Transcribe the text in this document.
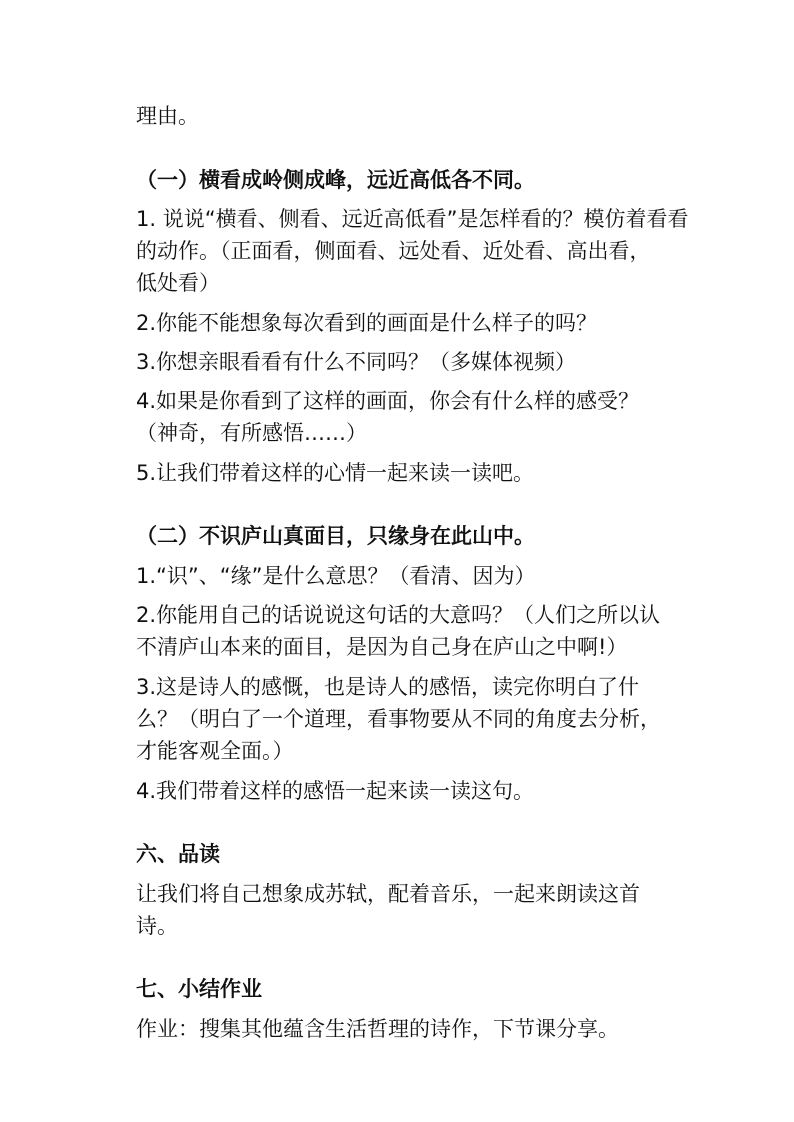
理由。
（一）横看成岭侧成峰，远近高低各不同。
1. 说说“横看、侧看、远近高低看”是怎样看的？模仿着看看
的动作。（正面看，侧面看、远处看、近处看、高出看，
低处看）
2.你能不能想象每次看到的画面是什么样子的吗？
3.你想亲眼看看有什么不同吗？（多媒体视频）
4.如果是你看到了这样的画面，你会有什么样的感受？
（神奇，有所感悟……）
5.让我们带着这样的心情一起来读一读吧。
（二）不识庐山真面目，只缘身在此山中。
1.“识”、“缘”是什么意思？（看清、因为）
2.你能用自己的话说说这句话的大意吗？（人们之所以认
不清庐山本来的面目，是因为自己身在庐山之中啊!）
3.这是诗人的感慨，也是诗人的感悟，读完你明白了什
么？（明白了一个道理，看事物要从不同的角度去分析，
才能客观全面。）
4.我们带着这样的感悟一起来读一读这句。
六、品读
让我们将自己想象成苏轼，配着音乐，一起来朗读这首
诗。
七、小结作业
作业：搜集其他蕴含生活哲理的诗作，下节课分享。
